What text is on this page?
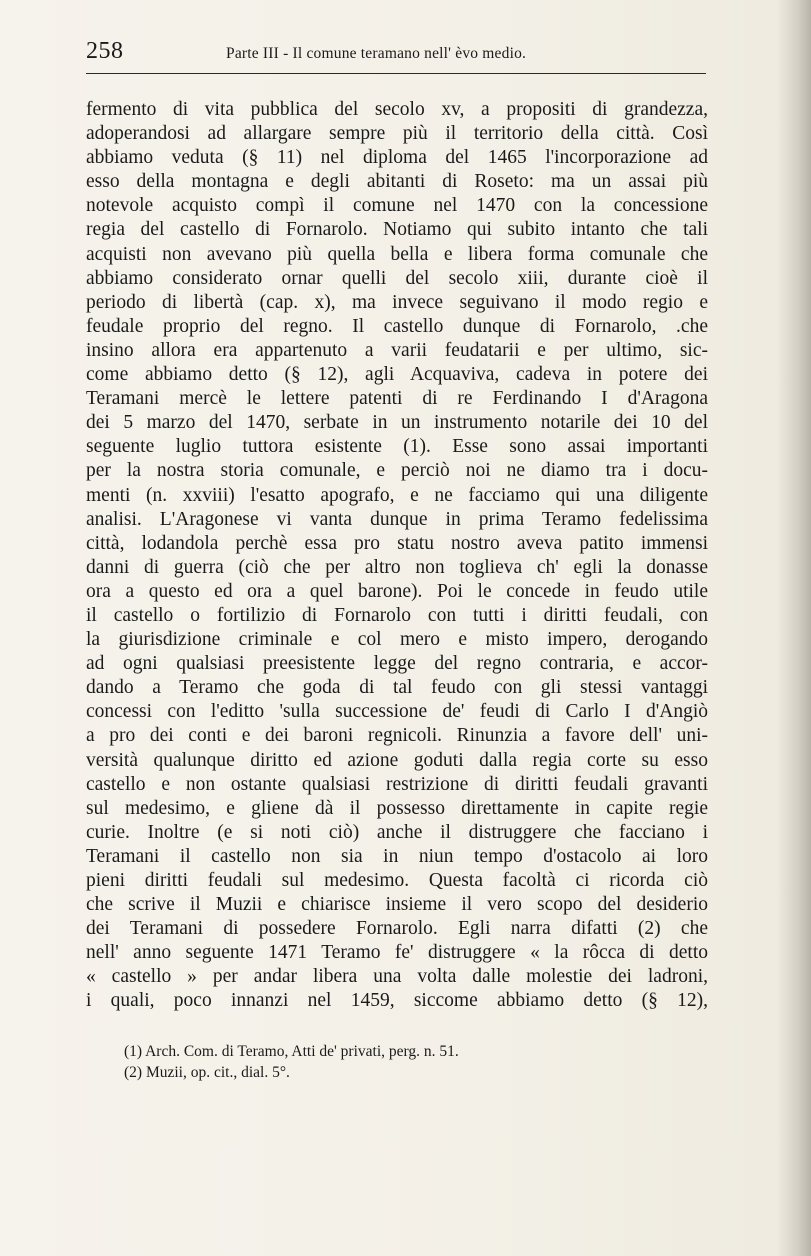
258	Parte III - Il comune teramano nell' èvo medio.
fermento di vita pubblica del secolo xv, a propositi di grandezza,
adoperandosi ad allargare sempre più il territorio della città. Così
abbiamo veduta (§ 11) nel diploma del 1465 l'incorporazione ad
esso della montagna e degli abitanti di Roseto: ma un assai più
notevole acquisto compì il comune nel 1470 con la concessione
regia del castello di Fornarolo. Notiamo qui subito intanto che tali
acquisti non avevano più quella bella e libera forma comunale che
abbiamo considerato ornar quelli del secolo xiii, durante cioè il
periodo di libertà (cap. x), ma invece seguivano il modo regio e
feudale proprio del regno. Il castello dunque di Fornarolo, .che
insino allora era appartenuto a varii feudatarii e per ultimo, sic-
come abbiamo detto (§ 12), agli Acquaviva, cadeva in potere dei
Teramani mercè le lettere patenti di re Ferdinando I d'Aragona
dei 5 marzo del 1470, serbate in un instrumento notarile dei 10 del
seguente luglio tuttora esistente (1). Esse sono assai importanti
per la nostra storia comunale, e perciò noi ne diamo tra i docu-
menti (n. xxviii) l'esatto apografo, e ne facciamo qui una diligente
analisi. L'Aragonese vi vanta dunque in prima Teramo fedelissima
città, lodandola perchè essa pro statu nostro aveva patito immensi
danni di guerra (ciò che per altro non toglieva ch' egli la donasse
ora a questo ed ora a quel barone). Poi le concede in feudo utile
il castello o fortilizio di Fornarolo con tutti i diritti feudali, con
la giurisdizione criminale e col mero e misto impero, derogando
ad ogni qualsiasi preesistente legge del regno contraria, e accor-
dando a Teramo che goda di tal feudo con gli stessi vantaggi
concessi con l'editto 'sulla successione de' feudi di Carlo I d'Angiò
a pro dei conti e dei baroni regnicoli. Rinunzia a favore dell' uni-
versità qualunque diritto ed azione goduti dalla regia corte su esso
castello e non ostante qualsiasi restrizione di diritti feudali gravanti
sul medesimo, e gliene dà il possesso direttamente in capite regie
curie. Inoltre (e si noti ciò) anche il distruggere che facciano i
Teramani il castello non sia in niun tempo d'ostacolo ai loro
pieni diritti feudali sul medesimo. Questa facoltà ci ricorda ciò
che scrive il Muzii e chiarisce insieme il vero scopo del desiderio
dei Teramani di possedere Fornarolo. Egli narra difatti (2) che
nell' anno seguente 1471 Teramo fe' distruggere « la rôcca di detto
« castello » per andar libera una volta dalle molestie dei ladroni,
i quali, poco innanzi nel 1459, siccome abbiamo detto (§ 12),
(1) Arch. Com. di Teramo, Atti de' privati, perg. n. 51.
(2) Muzii, op. cit., dial. 5°.
